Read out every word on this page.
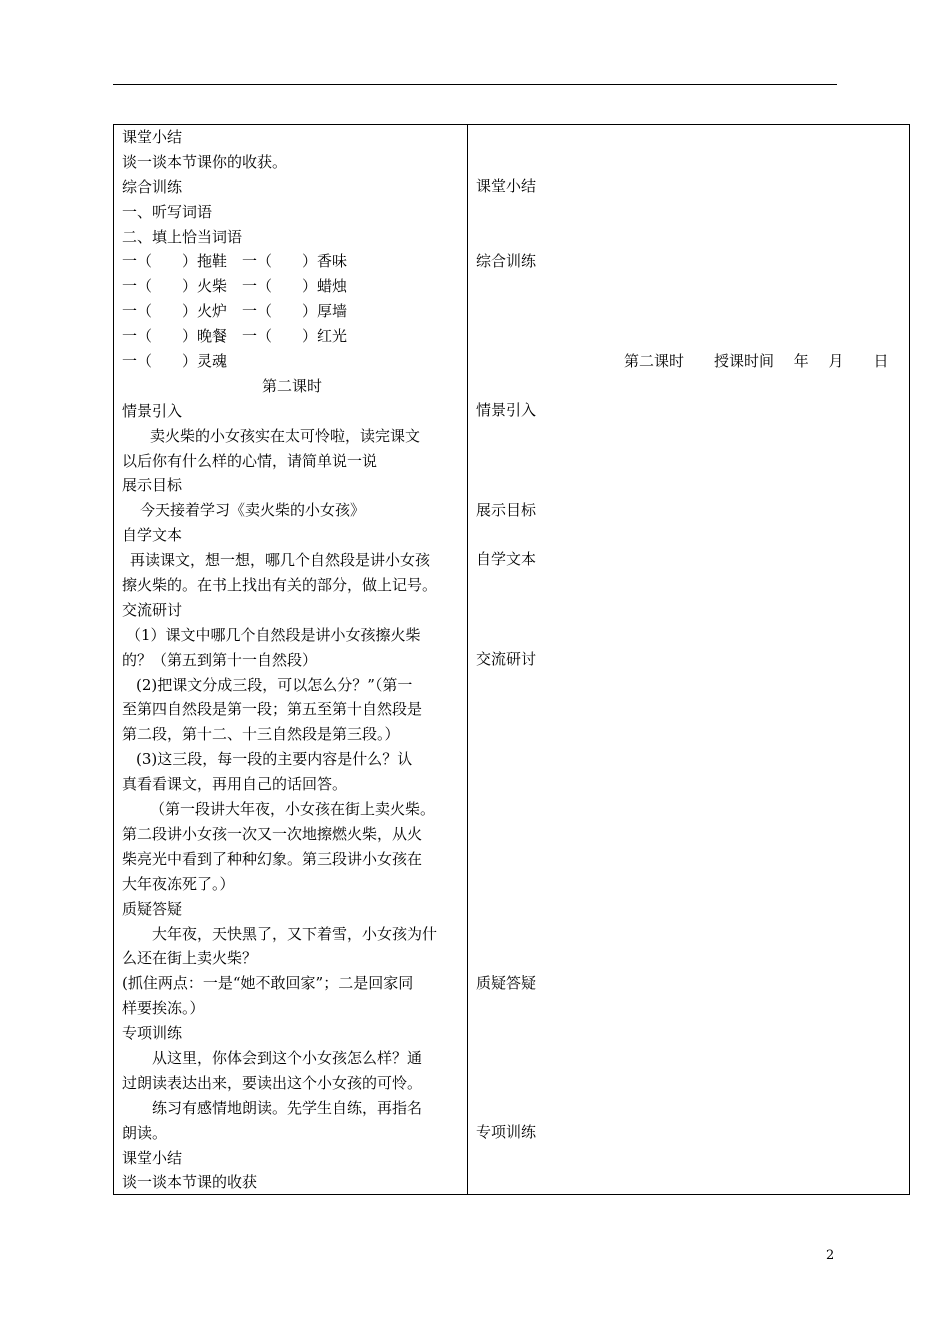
课堂小结
谈一谈本节课你的收获。
综合训练
一、听写词语
二、填上恰当词语
一（　　）拖鞋　一（　　）香味
一（　　）火柴　一（　　）蜡烛
一（　　）火炉　一（　　）厚墙
一（　　）晚餐　一（　　）红光
一（　　）灵魂
第二课时
情景引入
卖火柴的小女孩实在太可怜啦，读完课文
以后你有什么样的心情，请简单说一说
展示目标
今天接着学习《卖火柴的小女孩》
自学文本
再读课文，想一想，哪几个自然段是讲小女孩
擦火柴的。在书上找出有关的部分，做上记号。
交流研讨
（1）课文中哪几个自然段是讲小女孩擦火柴
的？（第五到第十一自然段）
(2)把课文分成三段，可以怎么分？”（第一
至第四自然段是第一段；第五至第十自然段是
第二段，第十二、十三自然段是第三段。）
(3)这三段，每一段的主要内容是什么？认
真看看课文，再用自己的话回答。
（第一段讲大年夜，小女孩在街上卖火柴。
第二段讲小女孩一次又一次地擦燃火柴，从火
柴亮光中看到了种种幻象。第三段讲小女孩在
大年夜冻死了。）
质疑答疑
大年夜，天快黑了，又下着雪，小女孩为什
么还在街上卖火柴？
(抓住两点：一是“她不敢回家”；二是回家同
样要挨冻。）
专项训练
从这里，你体会到这个小女孩怎么样？通
过朗读表达出来，要读出这个小女孩的可怜。
练习有感情地朗读。先学生自练，再指名
朗读。
课堂小结
谈一谈本节课的收获
课堂小结
综合训练
情景引入
展示目标
自学文本
交流研讨
质疑答疑
专项训练
第二课时　　授课时间　 年　 月　　日
2
